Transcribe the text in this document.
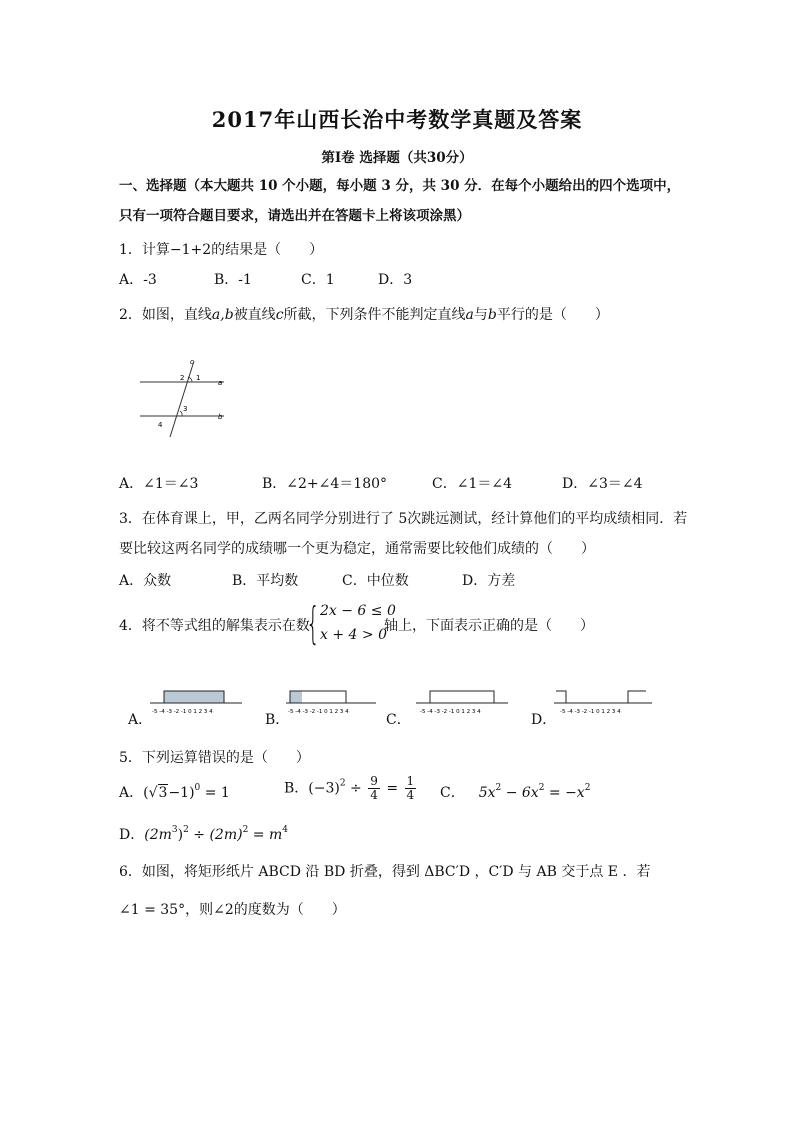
2017年山西长治中考数学真题及答案
第Ⅰ卷 选择题（共30分）
一、选择题（本大题共 10 个小题，每小题 3 分，共 30 分．在每个小题给出的四个选项中，
只有一项符合题目要求，请选出并在答题卡上将该项涂黑）
1．计算−1+2的结果是（　　）
A．-3	B．-1	C．1	D．3
2．如图，直线a,b被直线c所截，下列条件不能判定直线a与b平行的是（　　）
c
1
2
a
3
b
4
A．∠1＝∠3	B．∠2+∠4＝180°	C．∠1＝∠4	D．∠3＝∠4
3．在体育课上，甲，乙两名同学分别进行了 5次跳远测试，经计算他们的平均成绩相同．若
要比较这两名同学的成绩哪一个更为稳定，通常需要比较他们成绩的（　　）
A．众数	B．平均数	C．中位数	D．方差
4．将不等式组的解集表示在数
{ 2x − 6 ≤ 0
x + 4 > 0
轴上，下面表示正确的是（　　）
A． -5 -4 -3 -2 -1 0 1 2 3 4	B．
-5 -4 -3 -2 -1 0 1 2 3 4	C． -5 -4 -3 -2 -1 0 1 2 3 4	D． -5 -4 -3 -2 -1 0 1 2 3 4
5．下列运算错误的是（　　）
A．$(√3-1)^0 = 1$	B．$(-3)^2 \div \frac{9}{4} = \frac{1}{4}$ C． $5x^2 - 6x^2 = -x^2$
D．$(2m^3)^2 \div (2m)^2 = m^4$
6．如图，将矩形纸片 ABCD 沿 BD 折叠，得到 ΔBC′D ，C′D 与 AB 交于点 E ．若
∠1 = 35°，则∠2的度数为（　　）
